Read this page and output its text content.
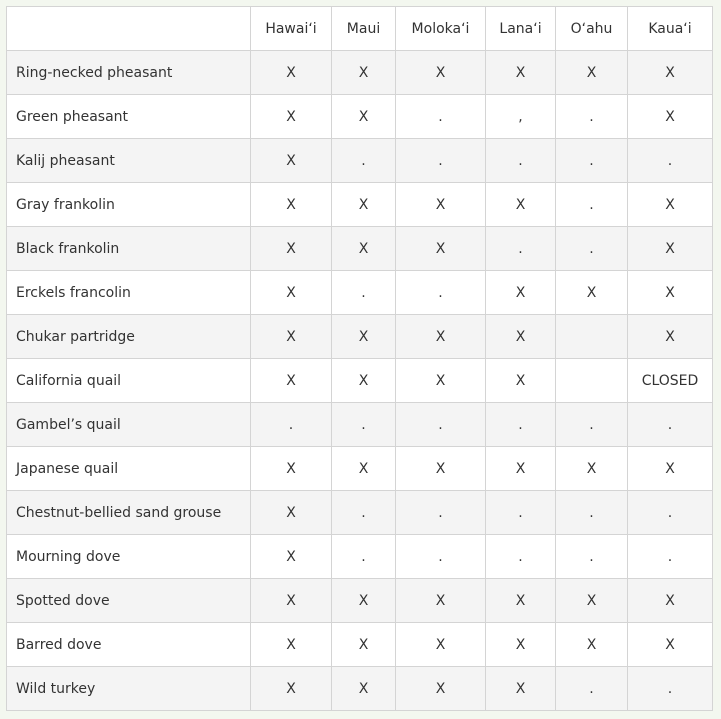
	Hawaiʻi	Maui	Molokaʻi	Lanaʻi	Oʻahu	Kauaʻi
Ring-necked pheasant	X	X	X	X	X	X
Green pheasant	X	X	.	,	.	X
Kalij pheasant	X	.	.	.	.	.
Gray frankolin	X	X	X	X	.	X
Black frankolin	X	X	X	.	.	X
Erckels francolin	X	.	.	X	X	X
Chukar partridge	X	X	X	X		X
California quail	X	X	X	X		CLOSED
Gambel’s quail	.	.	.	.	.	.
Japanese quail	X	X	X	X	X	X
Chestnut-bellied sand grouse	X	.	.	.	.	.
Mourning dove	X	.	.	.	.	.
Spotted dove	X	X	X	X	X	X
Barred dove	X	X	X	X	X	X
Wild turkey	X	X	X	X	.	.
